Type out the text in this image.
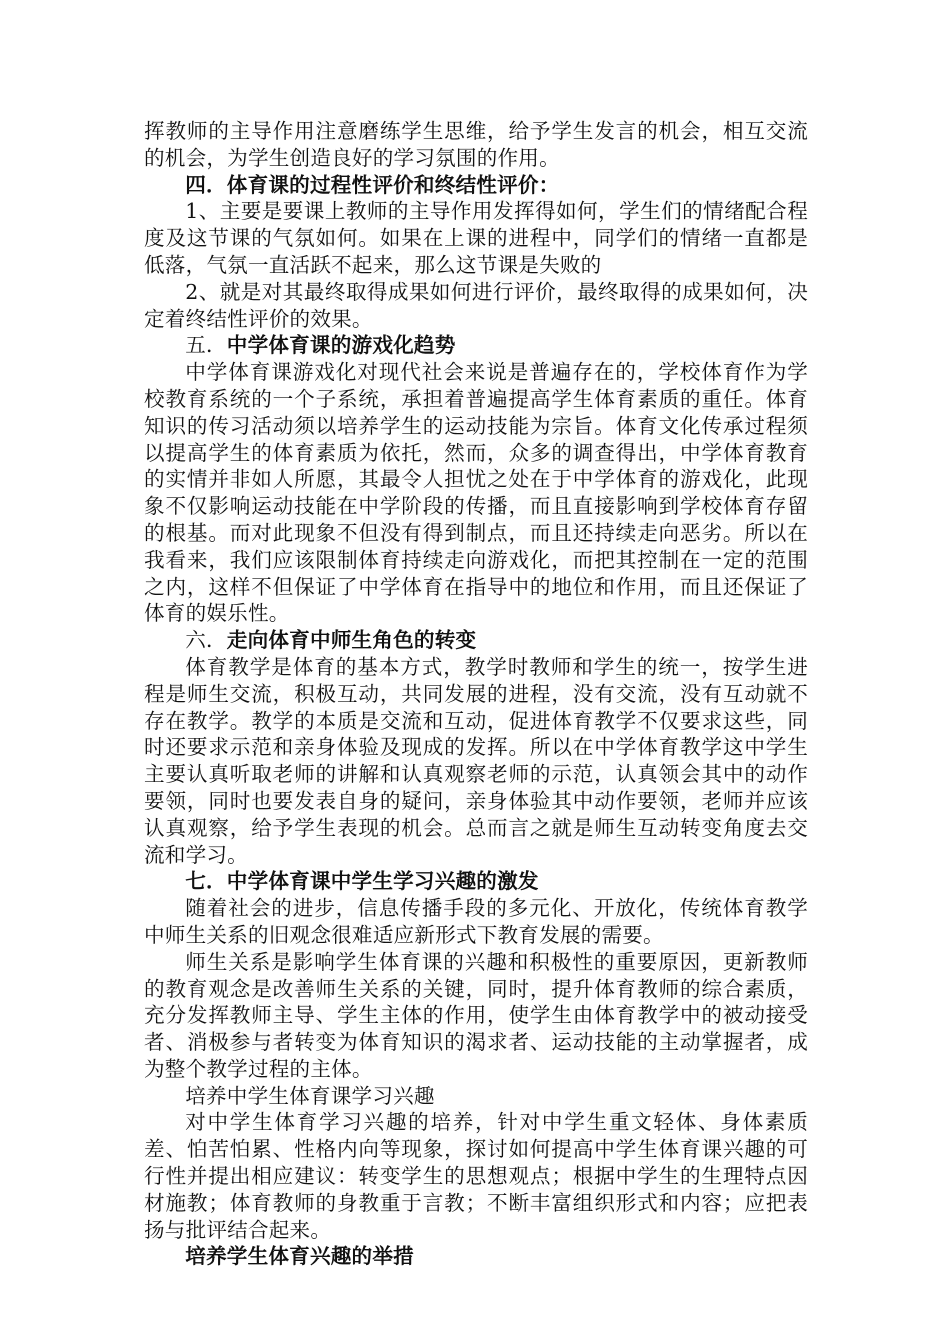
挥教师的主导作用注意磨练学生思维，给予学生发言的机会，相互交流的机会，为学生创造良好的学习氛围的作用。

四．体育课的过程性评价和终结性评价：

1、主要是要课上教师的主导作用发挥得如何，学生们的情绪配合程度及这节课的气氛如何。如果在上课的进程中，同学们的情绪一直都是低落，气氛一直活跃不起来，那么这节课是失败的

2、就是对其最终取得成果如何进行评价，最终取得的成果如何，决定着终结性评价的效果。

五．中学体育课的游戏化趋势

中学体育课游戏化对现代社会来说是普遍存在的，学校体育作为学校教育系统的一个子系统，承担着普遍提高学生体育素质的重任。体育知识的传习活动须以培养学生的运动技能为宗旨。体育文化传承过程须以提高学生的体育素质为依托，然而，众多的调查得出，中学体育教育的实情并非如人所愿，其最令人担忧之处在于中学体育的游戏化，此现象不仅影响运动技能在中学阶段的传播，而且直接影响到学校体育存留的根基。而对此现象不但没有得到制点，而且还持续走向恶劣。所以在我看来，我们应该限制体育持续走向游戏化，而把其控制在一定的范围之内，这样不但保证了中学体育在指导中的地位和作用，而且还保证了体育的娱乐性。

六．走向体育中师生角色的转变

体育教学是体育的基本方式，教学时教师和学生的统一，按学生进程是师生交流，积极互动，共同发展的进程，没有交流，没有互动就不存在教学。教学的本质是交流和互动，促进体育教学不仅要求这些，同时还要求示范和亲身体验及现成的发挥。所以在中学体育教学这中学生主要认真听取老师的讲解和认真观察老师的示范，认真领会其中的动作要领，同时也要发表自身的疑问，亲身体验其中动作要领，老师并应该认真观察，给予学生表现的机会。总而言之就是师生互动转变角度去交流和学习。

七．中学体育课中学生学习兴趣的激发

随着社会的进步，信息传播手段的多元化、开放化，传统体育教学中师生关系的旧观念很难适应新形式下教育发展的需要。

师生关系是影响学生体育课的兴趣和积极性的重要原因，更新教师的教育观念是改善师生关系的关键，同时，提升体育教师的综合素质，充分发挥教师主导、学生主体的作用，使学生由体育教学中的被动接受者、消极参与者转变为体育知识的渴求者、运动技能的主动掌握者，成为整个教学过程的主体。

培养中学生体育课学习兴趣

对中学生体育学习兴趣的培养，针对中学生重文轻体、身体素质差、怕苦怕累、性格内向等现象，探讨如何提高中学生体育课兴趣的可行性并提出相应建议：转变学生的思想观点；根据中学生的生理特点因材施教；体育教师的身教重于言教；不断丰富组织形式和内容；应把表扬与批评结合起来。

培养学生体育兴趣的举措
